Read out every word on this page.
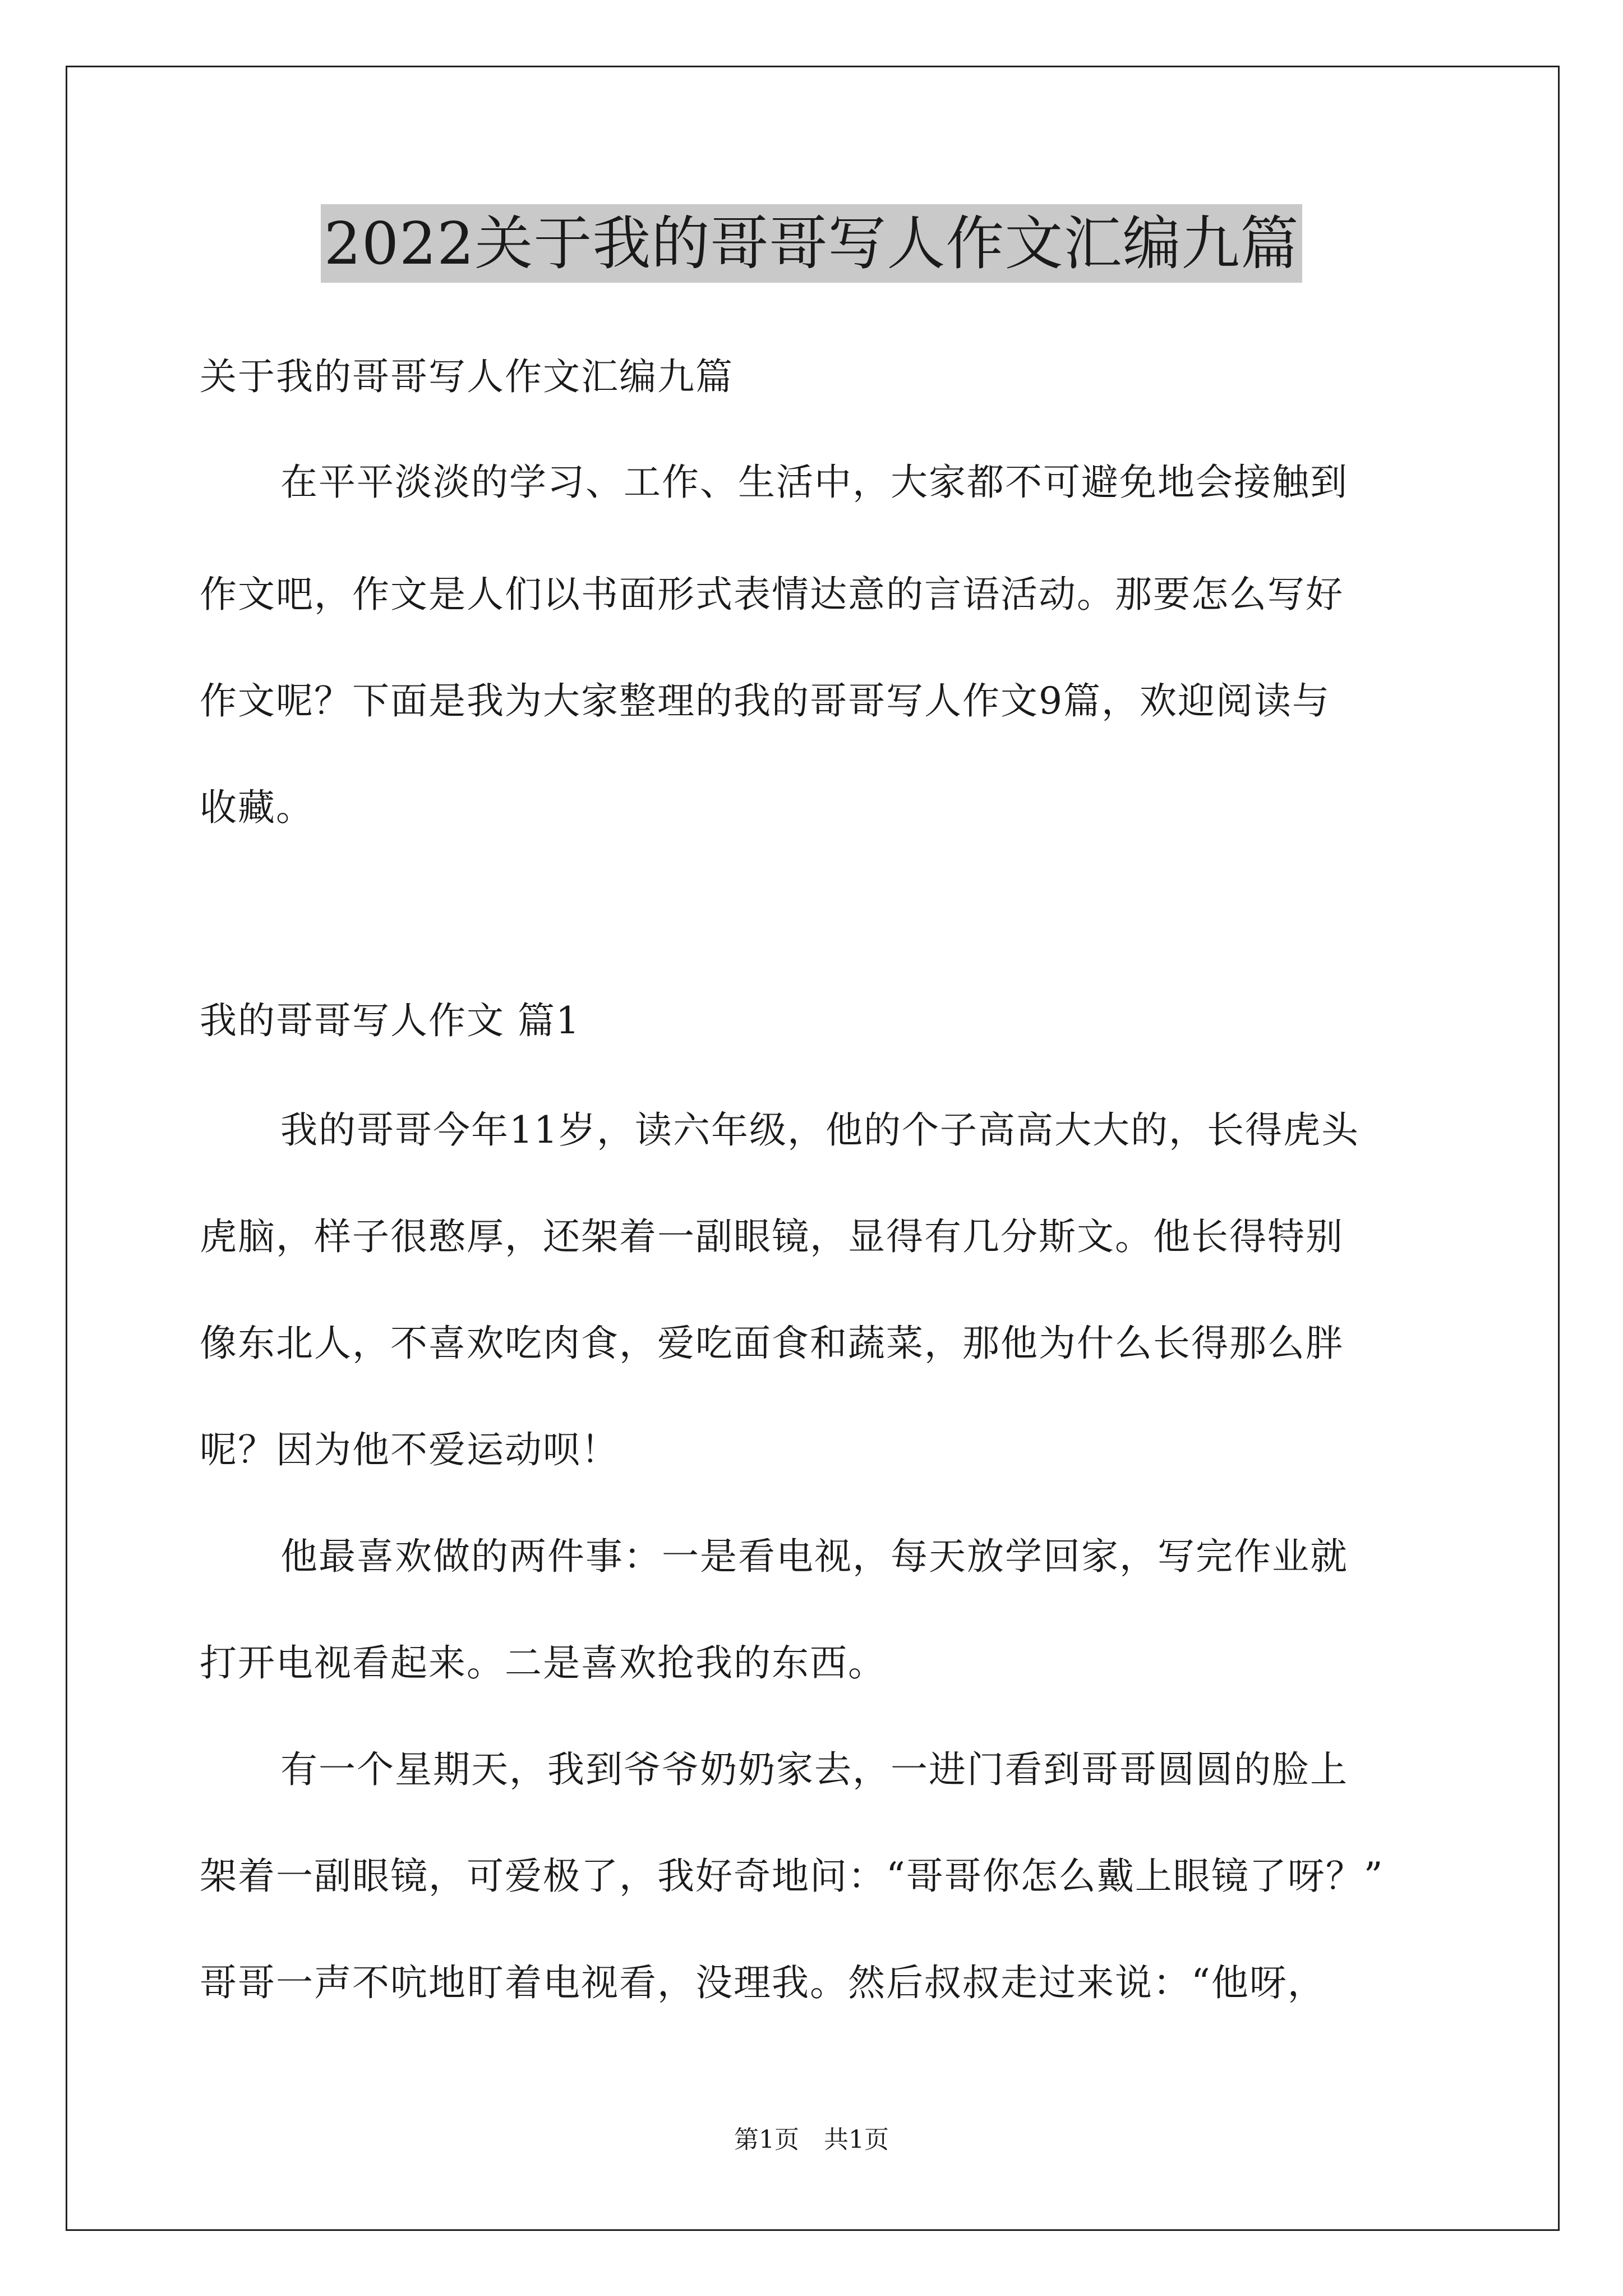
2022关于我的哥哥写人作文汇编九篇
关于我的哥哥写人作文汇编九篇
在平平淡淡的学习、工作、生活中，大家都不可避免地会接触到
作文吧，作文是人们以书面形式表情达意的言语活动。那要怎么写好
作文呢？下面是我为大家整理的我的哥哥写人作文9篇，欢迎阅读与
收藏。
我的哥哥写人作文 篇1
我的哥哥今年11岁，读六年级，他的个子高高大大的，长得虎头
虎脑，样子很憨厚，还架着一副眼镜，显得有几分斯文。他长得特别
像东北人，不喜欢吃肉食，爱吃面食和蔬菜，那他为什么长得那么胖
呢？因为他不爱运动呗！
他最喜欢做的两件事：一是看电视，每天放学回家，写完作业就
打开电视看起来。二是喜欢抢我的东西。
有一个星期天，我到爷爷奶奶家去，一进门看到哥哥圆圆的脸上
架着一副眼镜，可爱极了，我好奇地问：“哥哥你怎么戴上眼镜了呀？”
哥哥一声不吭地盯着电视看，没理我。然后叔叔走过来说：“他呀，
第1页　共1页
